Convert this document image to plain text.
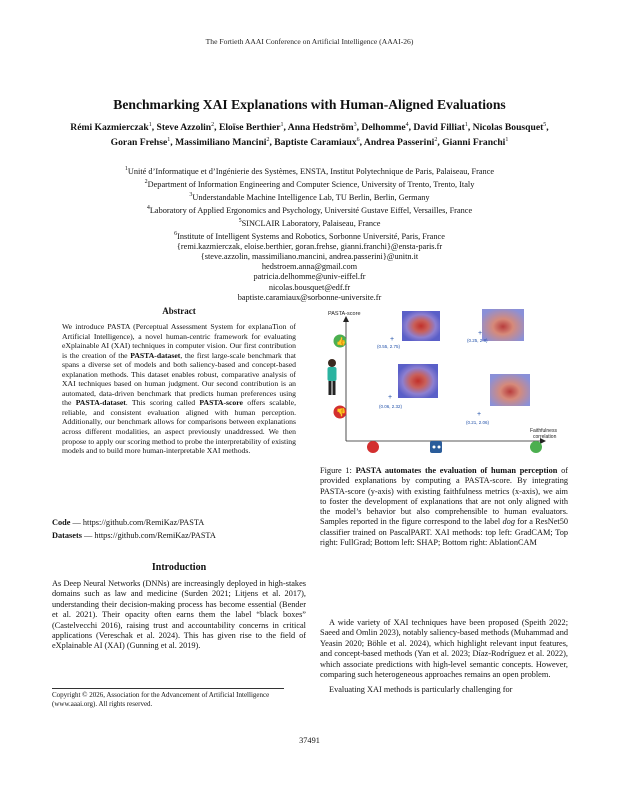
The Fortieth AAAI Conference on Artificial Intelligence (AAAI-26)
Benchmarking XAI Explanations with Human-Aligned Evaluations
Rémi Kazmierczak$^1$, Steve Azzolin$^2$, Eloïse Berthier$^1$, Anna Hedström$^3$, Delhomme$^4$, David Filliat$^1$, Nicolas Bousquet$^5$, Goran Frehse$^1$, Massimiliano Mancini$^2$, Baptiste Caramiaux$^6$, Andrea Passerini$^2$, Gianni Franchi$^1$
$^1$Unité d’Informatique et d’Ingénierie des Systèmes, ENSTA, Institut Polytechnique de Paris, Palaiseau, France
$^2$Department of Information Engineering and Computer Science, University of Trento, Trento, Italy
$^3$Understandable Machine Intelligence Lab, TU Berlin, Berlin, Germany
$^4$Laboratory of Applied Ergonomics and Psychology, Université Gustave Eiffel, Versailles, France
$^5$SINCLAIR Laboratory, Palaiseau, France
$^6$Institute of Intelligent Systems and Robotics, Sorbonne Université, Paris, France
{remi.kazmierczak, eloise.berthier, goran.frehse, gianni.franchi}@ensta-paris.fr
{steve.azzolin, massimiliano.mancini, andrea.passerini}@unitn.it
hedstroem.anna@gmail.com
patricia.delhomme@univ-eiffel.fr
nicolas.bousquet@edf.fr
baptiste.caramiaux@sorbonne-universite.fr
Abstract
We introduce PASTA (Perceptual Assessment System for explanaTion of Artificial Intelligence), a novel human-centric framework for evaluating eXplainable AI (XAI) techniques in computer vision. Our first contribution is the creation of the PASTA-dataset, the first large-scale benchmark that spans a diverse set of models and both saliency-based and concept-based explanation methods. This dataset enables robust, comparative analysis of XAI techniques based on human judgment. Our second contribution is an automated, data-driven benchmark that predicts human preferences using the PASTA-dataset. This scoring called PASTA-score offers scalable, reliable, and consistent evaluation aligned with human perception. Additionally, our benchmark allows for comparisons between explanations across different modalities, an aspect previously unaddressed. We then propose to apply our scoring method to probe the interpretability of existing models and to build more human-interpretable XAI methods.
Code — https://github.com/RemiKaz/PASTA
Datasets — https://github.com/RemiKaz/PASTA
Introduction
As Deep Neural Networks (DNNs) are increasingly deployed in high-stakes domains such as law and medicine (Surden 2021; Litjens et al. 2017), understanding their decision-making process has become essential (Bender et al. 2021). Their opacity often earns them the label “black boxes” (Castelvecchi 2016), raising trust and accountability concerns in critical applications (Vereschak et al. 2024). This has given rise to the field of eXplainable AI (XAI) (Gunning et al. 2019).
Copyright © 2026, Association for the Advancement of Artificial Intelligence (www.aaai.org). All rights reserved.
PASTA-score
Faithfulness
correlation
👍
👎
+
(0.55, 2.75)
+
(0.25, 2.8)
+
(0.06, 2.32)
+
(0.21, 2.06)
Figure 1: PASTA automates the evaluation of human perception of provided explanations by computing a PASTA-score. By integrating PASTA-score (y-axis) with existing faithfulness metrics (x-axis), we aim to foster the development of explanations that are not only aligned with the model’s behavior but also comprehensible to human evaluators. Samples reported in the figure correspond to the label dog for a ResNet50 classifier trained on PascalPART. XAI methods: top left: GradCAM; Top right: FullGrad; Bottom left: SHAP; Bottom right: AblationCAM

A wide variety of XAI techniques have been proposed (Speith 2022; Saeed and Omlin 2023), notably saliency-based methods (Muhammad and Yeasin 2020; Böhle et al. 2024), which highlight relevant input features, and concept-based methods (Yan et al. 2023; Díaz-Rodríguez et al. 2022), which associate predictions with high-level semantic concepts. However, comparing such heterogeneous approaches remains an open problem.

Evaluating XAI methods is particularly challenging for

37491
